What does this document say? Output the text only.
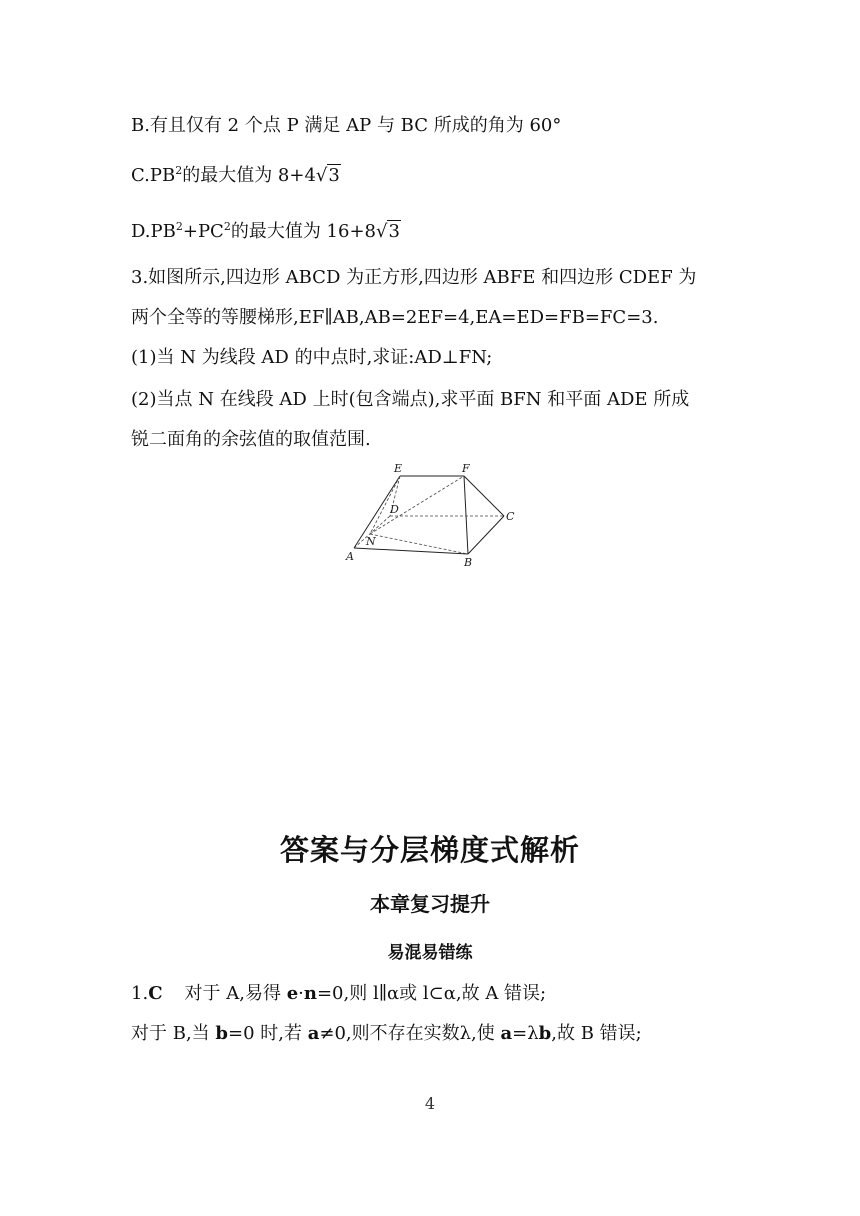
B.有且仅有 2 个点 P 满足 AP 与 BC 所成的角为 60°
$C.PB^2$的最大值为 8+4√3
$D.PB^2+PC^2$的最大值为 16+8√3
3.如图所示,四边形 ABCD 为正方形,四边形 ABFE 和四边形 CDEF 为
两个全等的等腰梯形,EF∥AB,AB=2EF=4,EA=ED=FB=FC=3.
(1)当 N 为线段 AD 的中点时,求证:AD⊥FN;
(2)当点 N 在线段 AD 上时(包含端点),求平面 BFN 和平面 ADE 所成
锐二面角的余弦值的取值范围.
E	F
D
C
N
A	B
答案与分层梯度式解析
本章复习提升
易混易错练
1.C 对于 A,易得 e·n=0,则 l∥α或 l⊂α,故 A 错误;
对于 B,当 b=0 时,若 a≠0,则不存在实数λ,使 a=λb,故 B 错误;
4
